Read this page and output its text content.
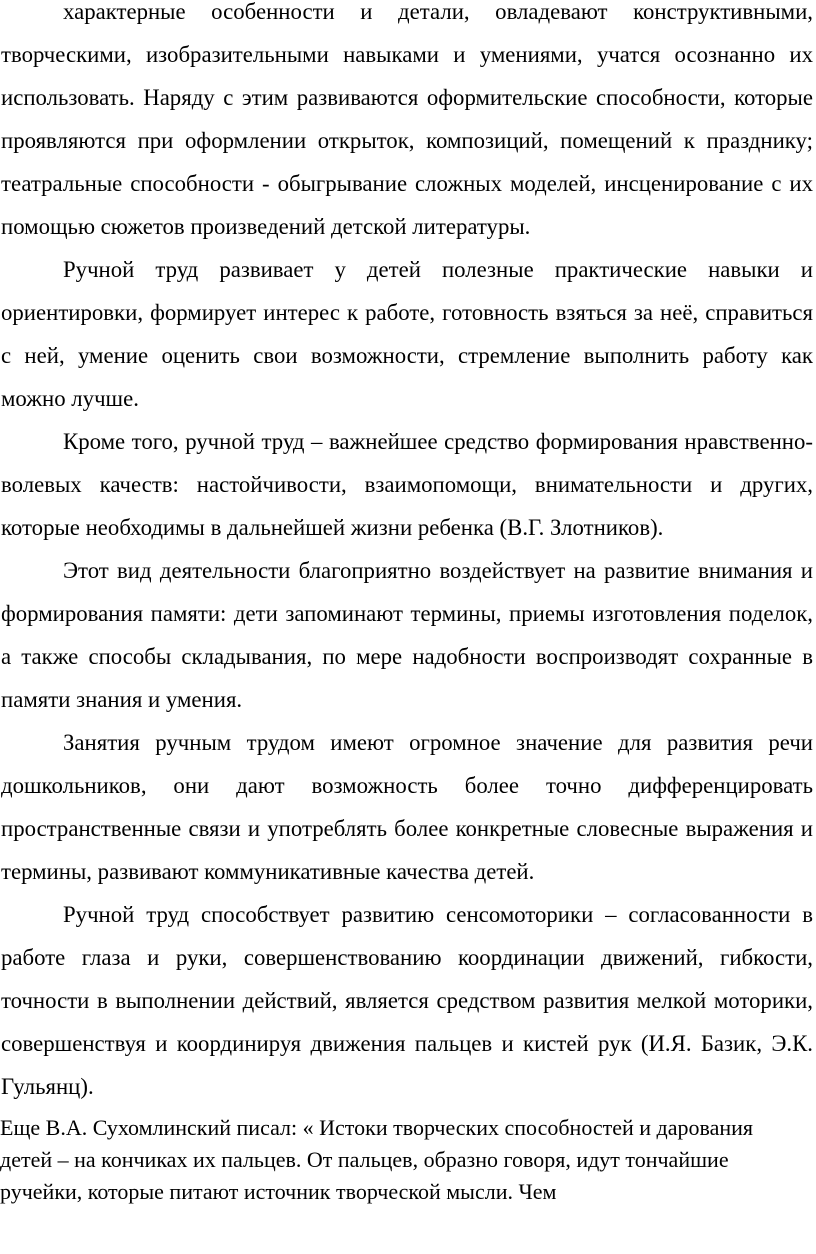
характерные особенности и детали, овладевают конструктивными, творческими, изобразительными навыками и умениями, учатся осознанно их использовать. Наряду с этим развиваются оформительские способности, которые проявляются при оформлении открыток, композиций, помещений к празднику; театральные способности - обыгрывание сложных моделей, инсценирование с их помощью сюжетов произведений детской литературы.

Ручной труд развивает у детей полезные практические навыки и ориентировки, формирует интерес к работе, готовность взяться за неё, справиться с ней, умение оценить свои возможности, стремление выполнить работу как можно лучше.

Кроме того, ручной труд – важнейшее средство формирования нравственно-волевых качеств: настойчивости, взаимопомощи, внимательности и других, которые необходимы в дальнейшей жизни ребенка (В.Г. Злотников).

Этот вид деятельности благоприятно воздействует на развитие внимания и формирования памяти: дети запоминают термины, приемы изготовления поделок, а также способы складывания, по мере надобности воспроизводят сохранные в памяти знания и умения.

Занятия ручным трудом имеют огромное значение для развития речи дошкольников, они дают возможность более точно дифференцировать пространственные связи и употреблять более конкретные словесные выражения и термины, развивают коммуникативные качества детей.

Ручной труд способствует развитию сенсомоторики – согласованности в работе глаза и руки, совершенствованию координации движений, гибкости, точности в выполнении действий, является средством развития мелкой моторики, совершенствуя и координируя движения пальцев и кистей рук (И.Я. Базик, Э.К. Гульянц).

Еще В.А. Сухомлинский писал: « Истоки творческих способностей и дарования детей – на кончиках их пальцев. От пальцев, образно говоря, идут тончайшие ручейки, которые питают источник творческой мысли. Чем
